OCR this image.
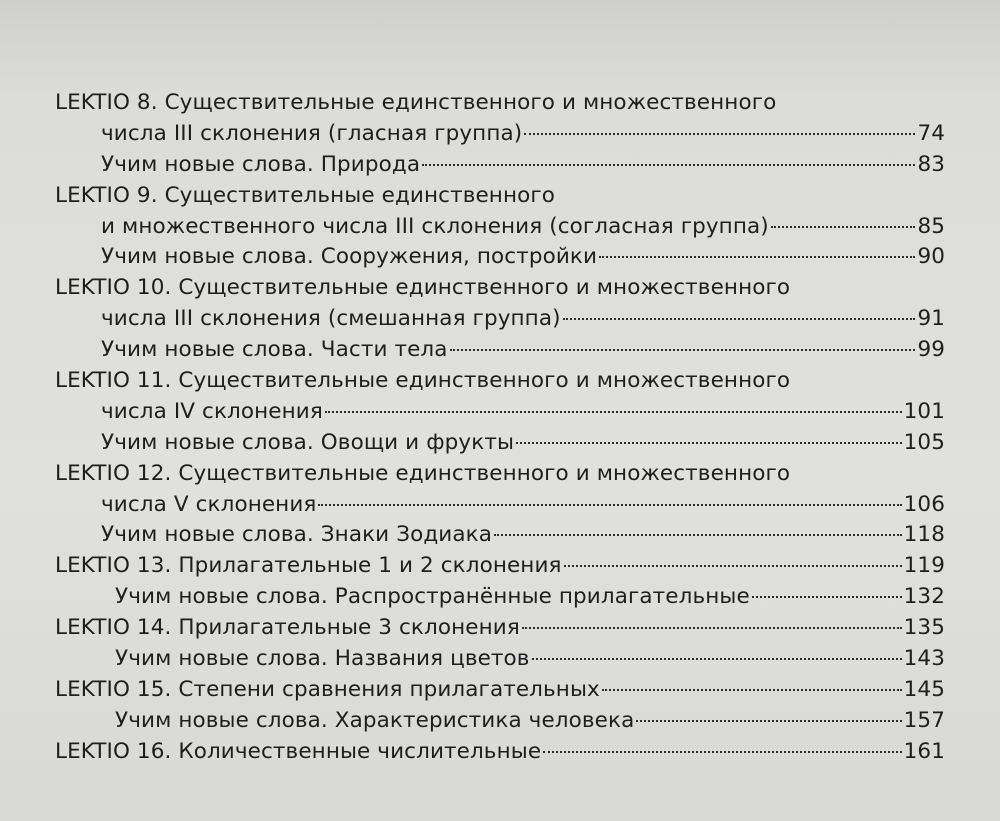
LEKTIO 8. Существительные единственного и множественного
числа III склонения (гласная группа)	74
Учим новые слова. Природа	83
LEKTIO 9. Существительные единственного
и множественного числа III склонения (согласная группа)	85
Учим новые слова. Сооружения, постройки	90
LEKTIO 10. Существительные единственного и множественного
числа III склонения (смешанная группа)	91
Учим новые слова. Части тела	99
LEKTIO 11. Существительные единственного и множественного
числа IV склонения	101
Учим новые слова. Овощи и фрукты	105
LEKTIO 12. Существительные единственного и множественного
числа V склонения	106
Учим новые слова. Знаки Зодиака	118
LEKTIO 13. Прилагательные 1 и 2 склонения	119
Учим новые слова. Распространённые прилагательные	132
LEKTIO 14. Прилагательные 3 склонения	135
Учим новые слова. Названия цветов	143
LEKTIO 15. Степени сравнения прилагательных	145
Учим новые слова. Характеристика человека	157
LEKTIO 16. Количественные числительные	161
